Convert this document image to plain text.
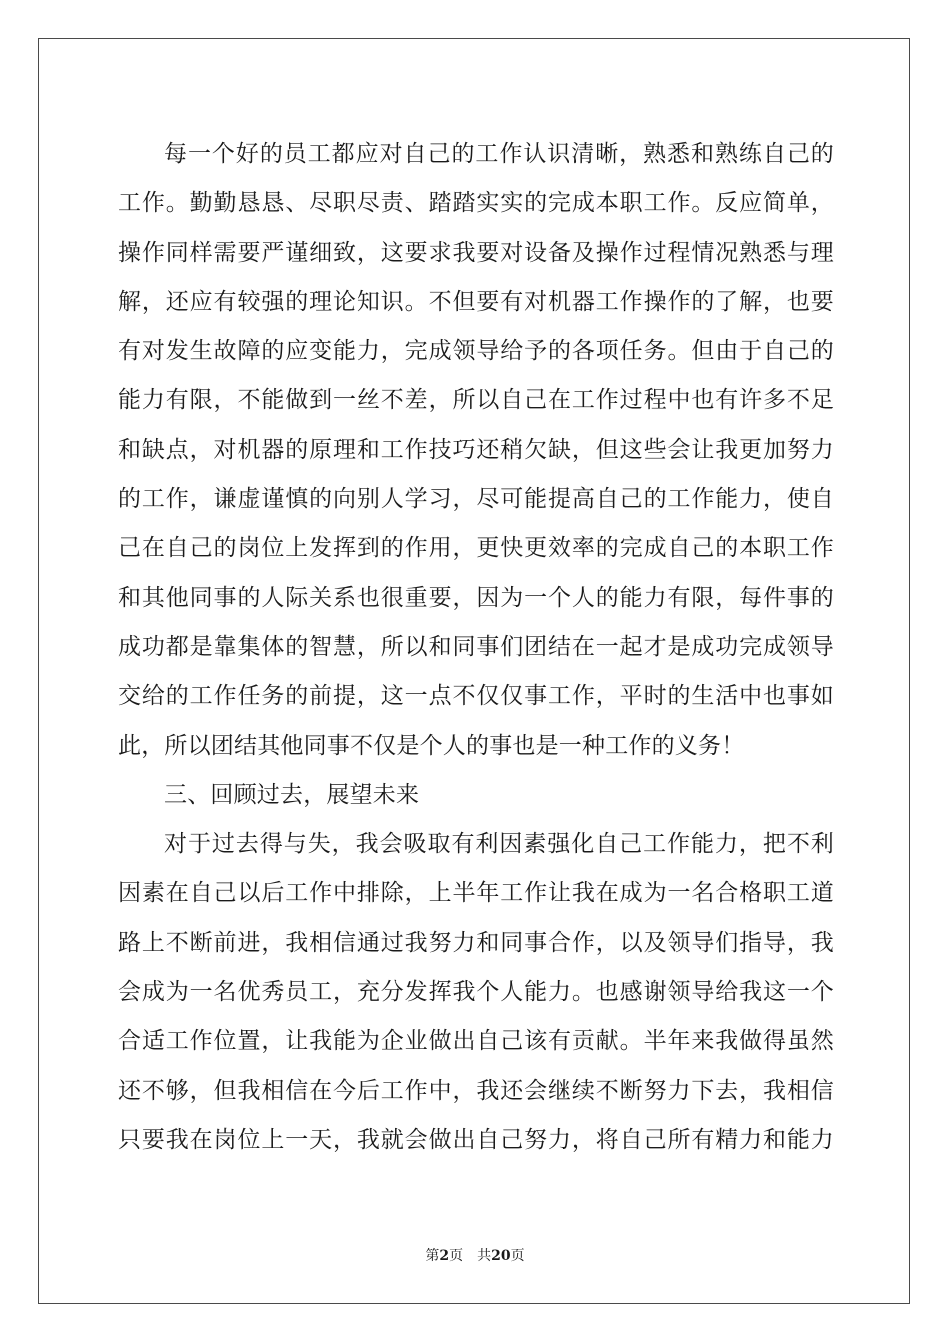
每一个好的员工都应对自己的工作认识清晰，熟悉和熟练自己的
工作。勤勤恳恳、尽职尽责、踏踏实实的完成本职工作。反应简单，
操作同样需要严谨细致，这要求我要对设备及操作过程情况熟悉与理
解，还应有较强的理论知识。不但要有对机器工作操作的了解，也要
有对发生故障的应变能力，完成领导给予的各项任务。但由于自己的
能力有限，不能做到一丝不差，所以自己在工作过程中也有许多不足
和缺点，对机器的原理和工作技巧还稍欠缺，但这些会让我更加努力
的工作，谦虚谨慎的向别人学习，尽可能提高自己的工作能力，使自
己在自己的岗位上发挥到的作用，更快更效率的完成自己的本职工作
和其他同事的人际关系也很重要，因为一个人的能力有限，每件事的
成功都是靠集体的智慧，所以和同事们团结在一起才是成功完成领导
交给的工作任务的前提，这一点不仅仅事工作，平时的生活中也事如
此，所以团结其他同事不仅是个人的事也是一种工作的义务！
三、回顾过去，展望未来
对于过去得与失，我会吸取有利因素强化自己工作能力，把不利
因素在自己以后工作中排除，上半年工作让我在成为一名合格职工道
路上不断前进，我相信通过我努力和同事合作，以及领导们指导，我
会成为一名优秀员工，充分发挥我个人能力。也感谢领导给我这一个
合适工作位置，让我能为企业做出自己该有贡献。半年来我做得虽然
还不够，但我相信在今后工作中，我还会继续不断努力下去，我相信
只要我在岗位上一天，我就会做出自己努力，将自己所有精力和能力
第2页 共20页
